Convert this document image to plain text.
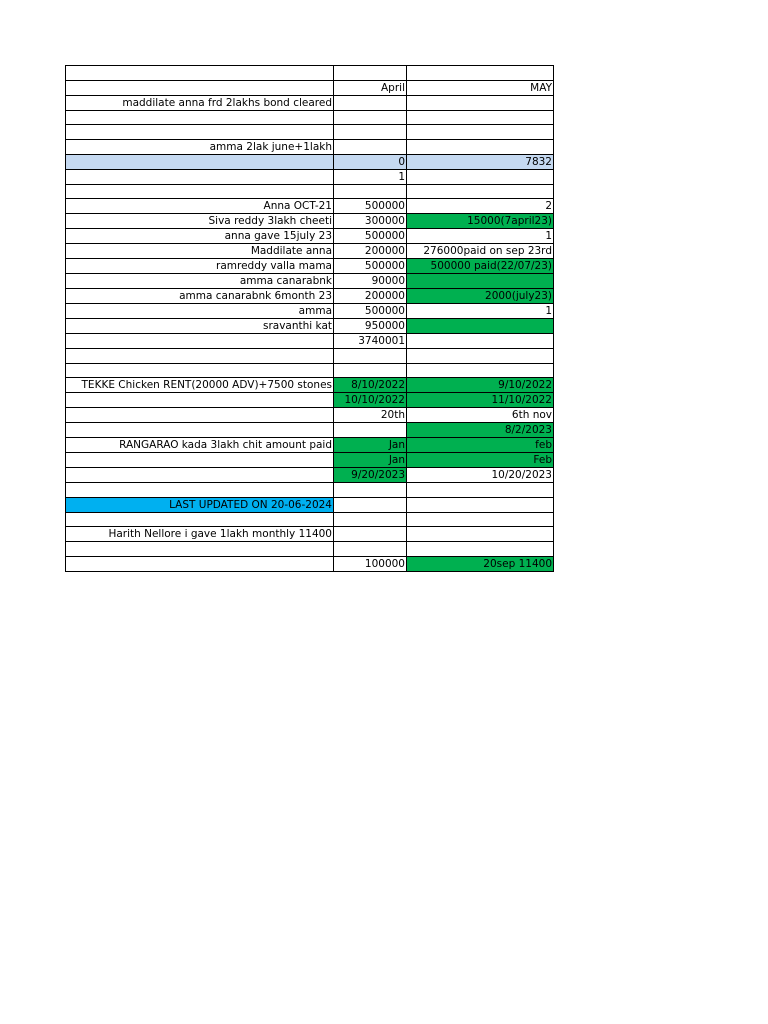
	April	MAY
maddilate anna frd 2lakhs bond cleared		

amma 2lak june+1lakh		
	0	7832
	1	

Anna OCT-21	500000	2
Siva reddy 3lakh cheeti	300000	15000(7april23)
anna gave 15july 23	500000	1
Maddilate anna	200000	276000paid on sep 23rd
ramreddy valla mama	500000	500000 paid(22/07/23)
amma canarabnk	90000	
amma canarabnk 6month 23	200000	2000(july23)
amma	500000	1
sravanthi kat	950000	
	3740001	

TEKKE Chicken RENT(20000 ADV)+7500 stones	8/10/2022	9/10/2022
	10/10/2022	11/10/2022
	20th	6th nov
		8/2/2023
RANGARAO kada 3lakh chit amount paid	Jan	feb
	Jan	Feb
	9/20/2023	10/20/2023

LAST UPDATED ON 20-06-2024		

Harith Nellore i gave 1lakh monthly 11400		

	100000	20sep 11400
